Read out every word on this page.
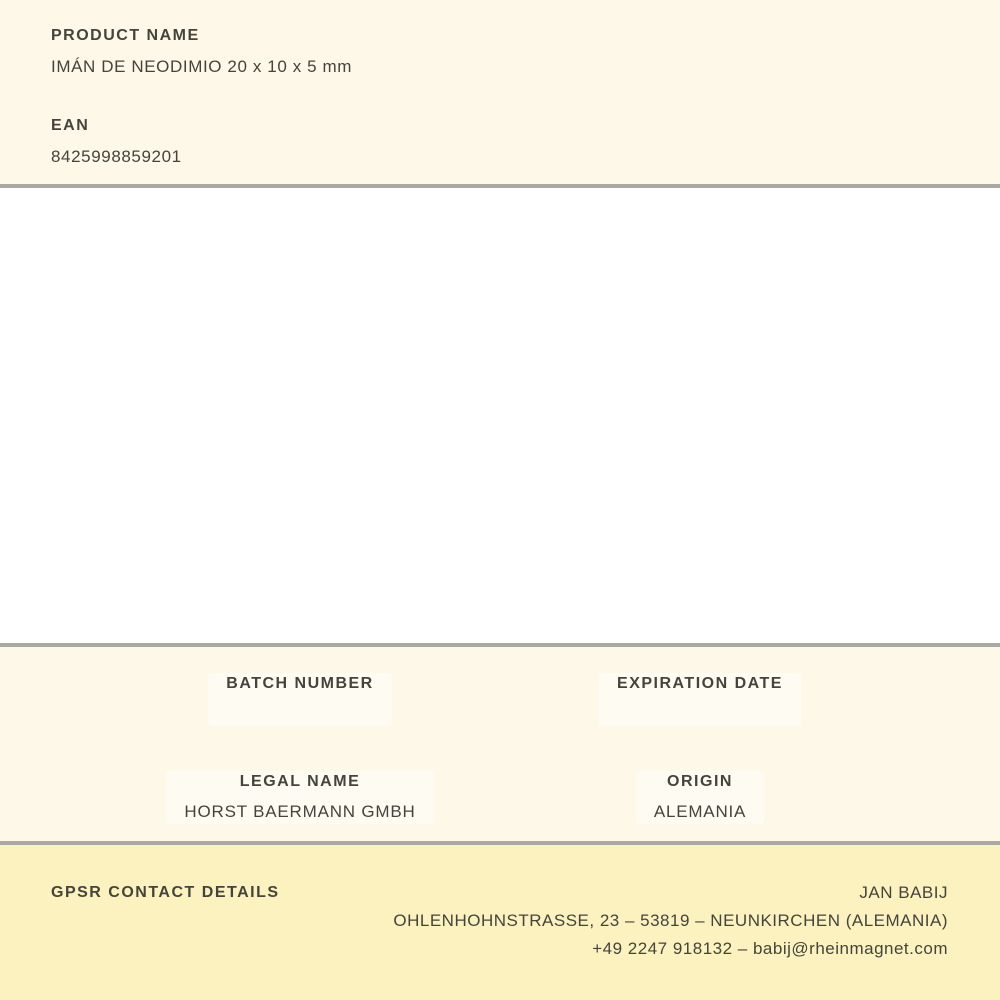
PRODUCT NAME
IMÁN DE NEODIMIO 20 x 10 x 5 mm
EAN
8425998859201
BATCH NUMBER	EXPIRATION DATE
LEGAL NAME
HORST BAERMANN GMBH
ORIGIN
ALEMANIA
GPSR CONTACT DETAILS	JAN BABIJ
OHLENHOHNSTRASSE, 23 – 53819 – NEUNKIRCHEN (ALEMANIA)
+49 2247 918132 – babij@rheinmagnet.com
